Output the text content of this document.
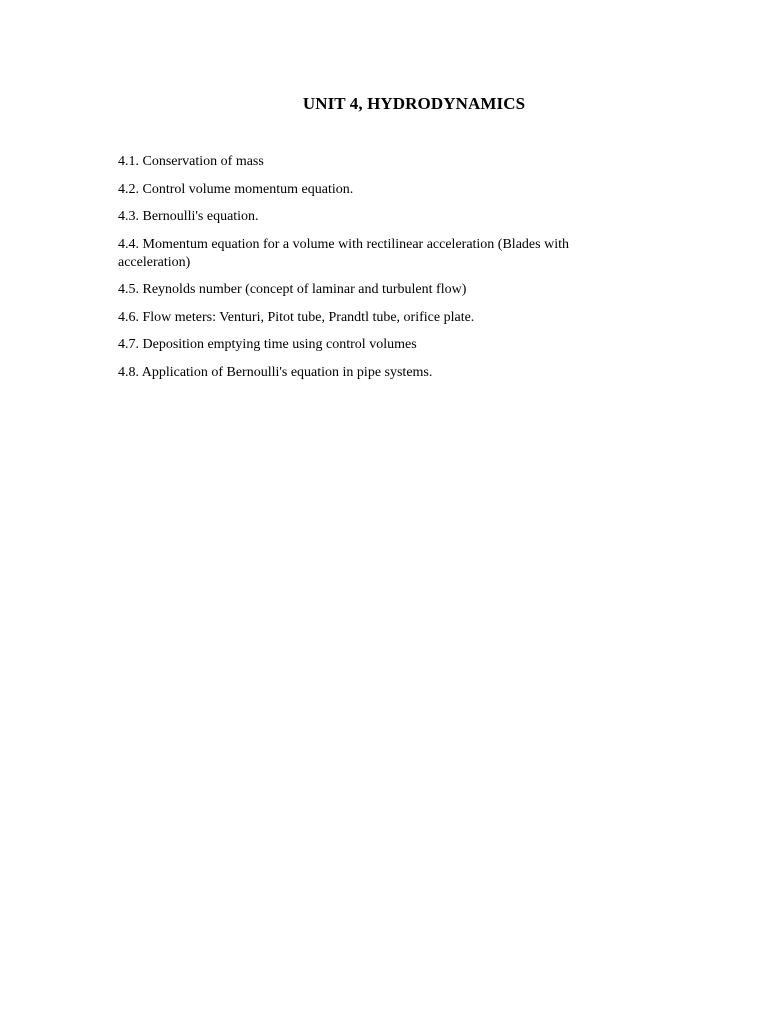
UNIT 4, HYDRODYNAMICS
4.1. Conservation of mass
4.2. Control volume momentum equation.
4.3. Bernoulli's equation.
4.4. Momentum equation for a volume with rectilinear acceleration (Blades with acceleration)
4.5. Reynolds number (concept of laminar and turbulent flow)
4.6. Flow meters: Venturi, Pitot tube, Prandtl tube, orifice plate.
4.7. Deposition emptying time using control volumes
4.8. Application of Bernoulli's equation in pipe systems.
